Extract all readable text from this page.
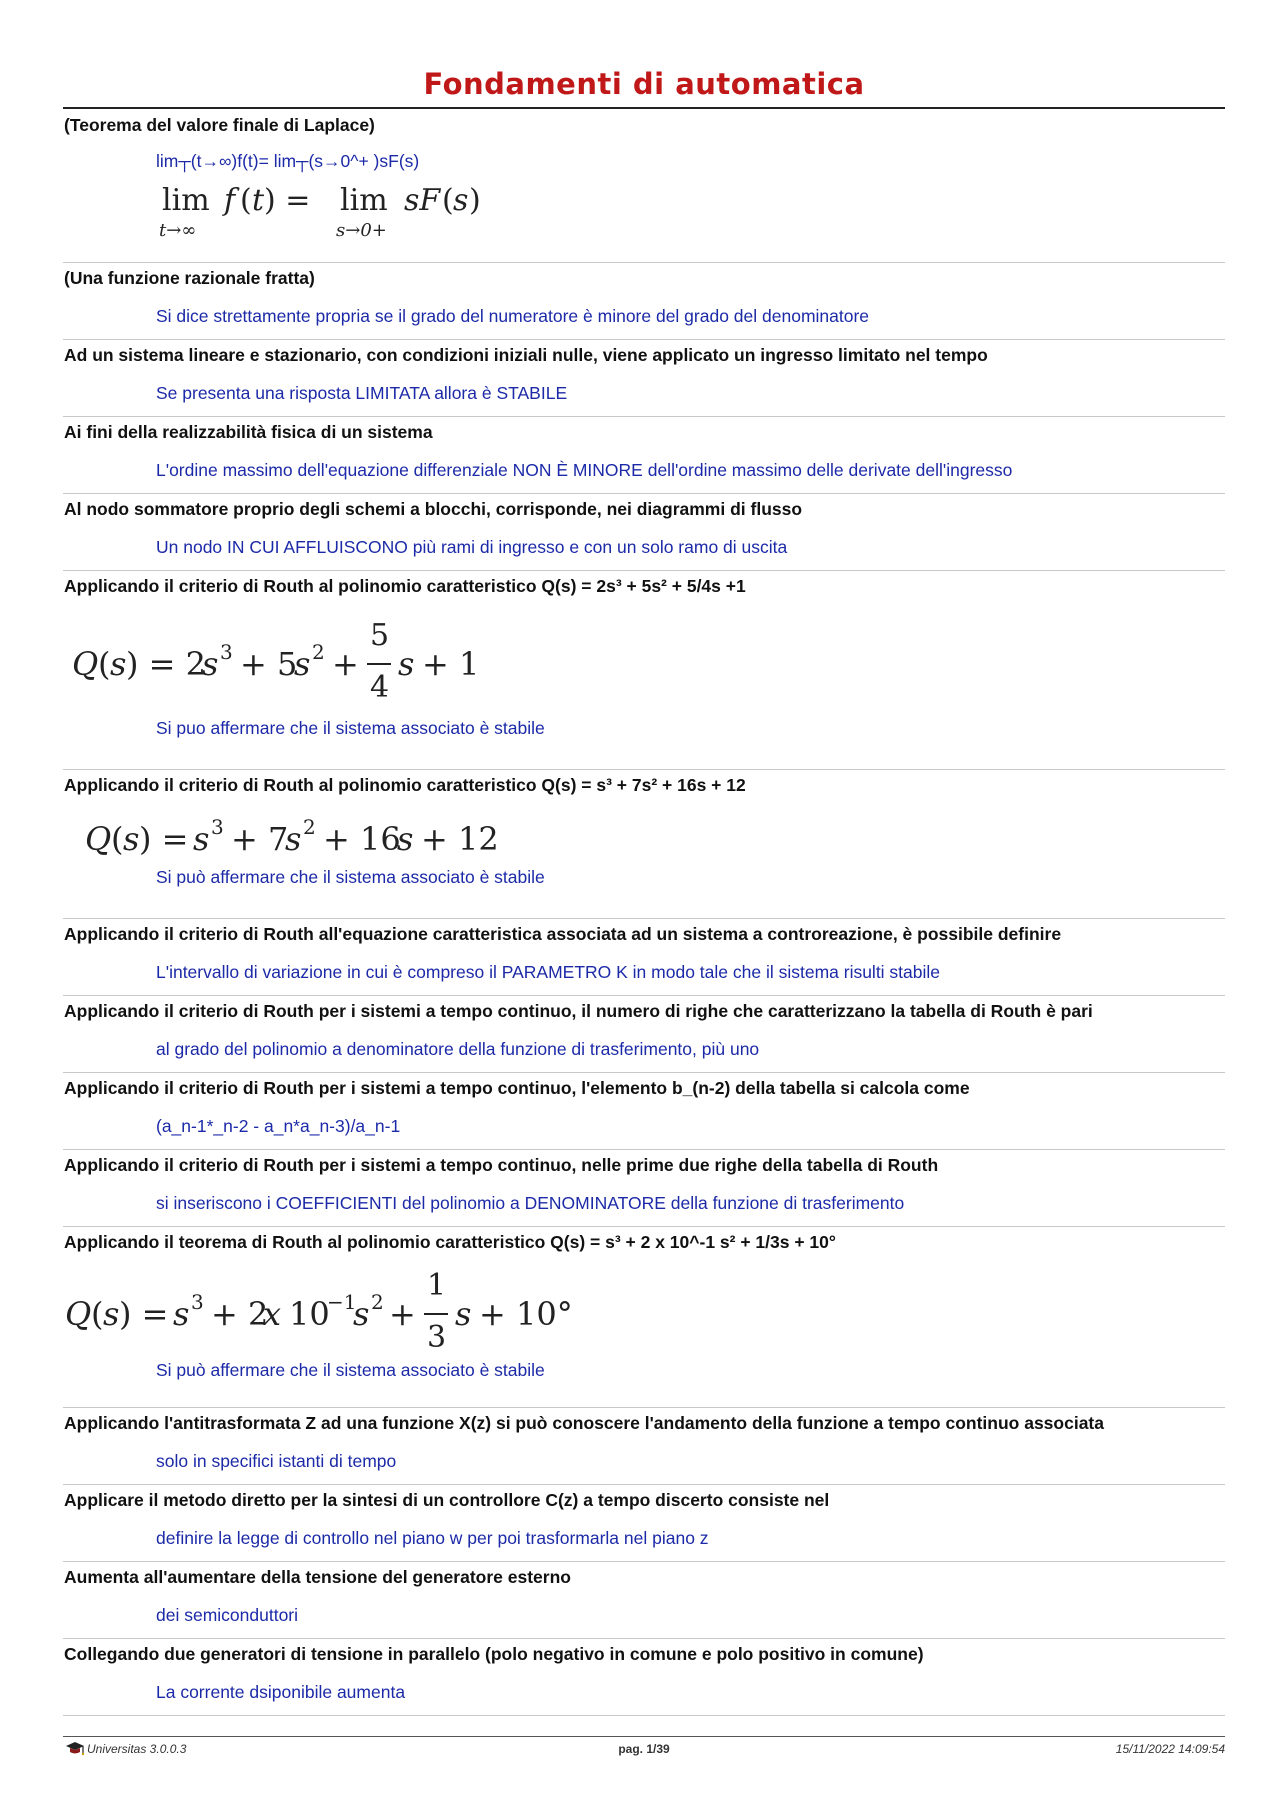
Fondamenti di automatica
(Teorema del valore finale di Laplace)
lim┬(t→∞)⁡f(t)= lim┬(s→0^+ )sF(s)
lim
t→∞
f ( t ) = lim
s→0+
sF ( s )
(Una funzione razionale fratta)
Si dice strettamente propria se il grado del numeratore è minore del grado del denominatore
Ad un sistema lineare e stazionario, con condizioni iniziali nulle, viene applicato un ingresso limitato nel tempo
Se presenta una risposta LIMITATA allora è STABILE
Ai fini della realizzabilità fisica di un sistema
L'ordine massimo dell'equazione differenziale NON È MINORE dell'ordine massimo delle derivate dell'ingresso
Al nodo sommatore proprio degli schemi a blocchi, corrisponde, nei diagrammi di flusso
Un nodo IN CUI AFFLUISCONO più rami di ingresso e con un solo ramo di uscita
Applicando il criterio di Routh al polinomio caratteristico Q(s) = 2s³ + 5s² + 5/4s +1
Q ( s ) = 2
s 3 + 5
s 2 +
5
4
s + 1
Si puo affermare che il sistema associato è stabile
Applicando il criterio di Routh al polinomio caratteristico Q(s) = s³ + 7s² + 16s + 12
Q ( s ) = s 3 + 7
s 2 + 16
s + 12
Si può affermare che il sistema associato è stabile
Applicando il criterio di Routh all'equazione caratteristica associata ad un sistema a controreazione, è possibile definire
L'intervallo di variazione in cui è compreso il PARAMETRO K in modo tale che il sistema risulti stabile
Applicando il criterio di Routh per i sistemi a tempo continuo, il numero di righe che caratterizzano la tabella di Routh è pari
al grado del polinomio a denominatore della funzione di trasferimento, più uno
Applicando il criterio di Routh per i sistemi a tempo continuo, l'elemento b_(n-2) della tabella si calcola come
(a_n-1*_n-2 - a_n*a_n-3)/a_n-1
Applicando il criterio di Routh per i sistemi a tempo continuo, nelle prime due righe della tabella di Routh
si inseriscono i COEFFICIENTI del polinomio a DENOMINATORE della funzione di trasferimento
Applicando il teorema di Routh al polinomio caratteristico Q(s) = s³ + 2 x 10^-1 s² + 1/3s + 10°
Q ( s ) = s 3 + 2
x 10
−1
s 2 +
1
3
s + 10°
Si può affermare che il sistema associato è stabile
Applicando l'antitrasformata Z ad una funzione X(z) si può conoscere l'andamento della funzione a tempo continuo associata
solo in specifici istanti di tempo
Applicare il metodo diretto per la sintesi di un controllore C(z) a tempo discerto consiste nel
definire la legge di controllo nel piano w per poi trasformarla nel piano z
Aumenta all'aumentare della tensione del generatore esterno
dei semiconduttori
Collegando due generatori di tensione in parallelo (polo negativo in comune e polo positivo in comune)
La corrente dsiponibile aumenta
Universitas 3.0.0.3	pag. 1/39	15/11/2022 14:09:54
